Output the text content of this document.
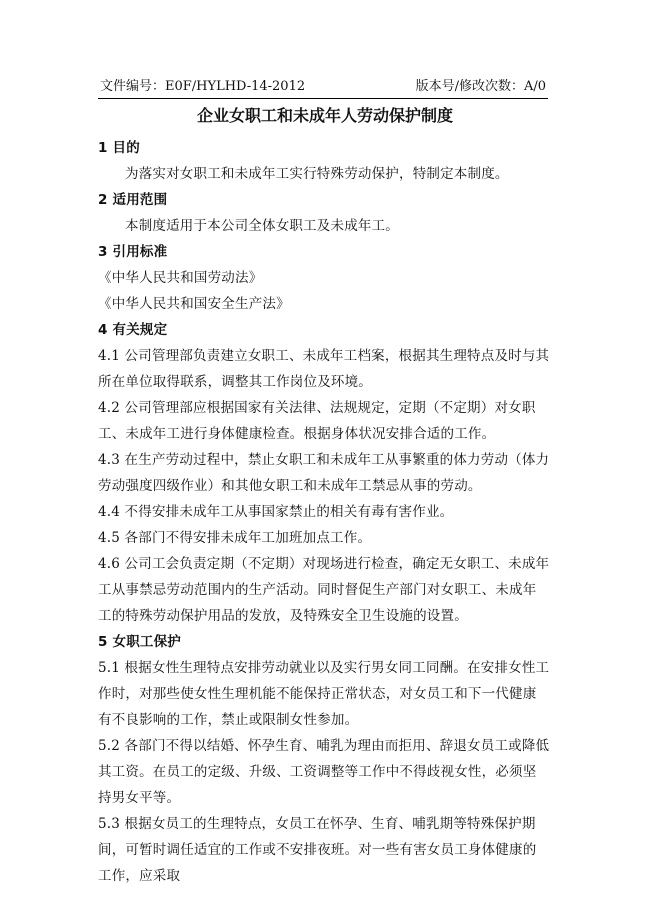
文件编号：E0F/HYLHD-14-2012	版本号/修改次数：A/0
企业女职工和未成年人劳动保护制度

1 目的

为落实对女职工和未成年工实行特殊劳动保护，特制定本制度。

2 适用范围

本制度适用于本公司全体女职工及未成年工。

3 引用标准

《中华人民共和国劳动法》

《中华人民共和国安全生产法》

4 有关规定

4.1 公司管理部负责建立女职工、未成年工档案，根据其生理特点及时与其所在单位取得联系，调整其工作岗位及环境。

4.2 公司管理部应根据国家有关法律、法规规定，定期（不定期）对女职工、未成年工进行身体健康检查。根据身体状况安排合适的工作。

4.3 在生产劳动过程中，禁止女职工和未成年工从事繁重的体力劳动（体力劳动强度四级作业）和其他女职工和未成年工禁忌从事的劳动。

4.4 不得安排未成年工从事国家禁止的相关有毒有害作业。

4.5 各部门不得安排未成年工加班加点工作。

4.6 公司工会负责定期（不定期）对现场进行检查，确定无女职工、未成年工从事禁忌劳动范围内的生产活动。同时督促生产部门对女职工、未成年工的特殊劳动保护用品的发放，及特殊安全卫生设施的设置。

5 女职工保护

5.1 根据女性生理特点安排劳动就业以及实行男女同工同酬。在安排女性工作时，对那些使女性生理机能不能保持正常状态，对女员工和下一代健康有不良影响的工作，禁止或限制女性参加。

5.2 各部门不得以结婚、怀孕生育、哺乳为理由而拒用、辞退女员工或降低其工资。在员工的定级、升级、工资调整等工作中不得歧视女性，必须坚持男女平等。

5.3 根据女员工的生理特点，女员工在怀孕、生育、哺乳期等特殊保护期间，可暂时调任适宜的工作或不安排夜班。对一些有害女员工身体健康的工作，应采取
